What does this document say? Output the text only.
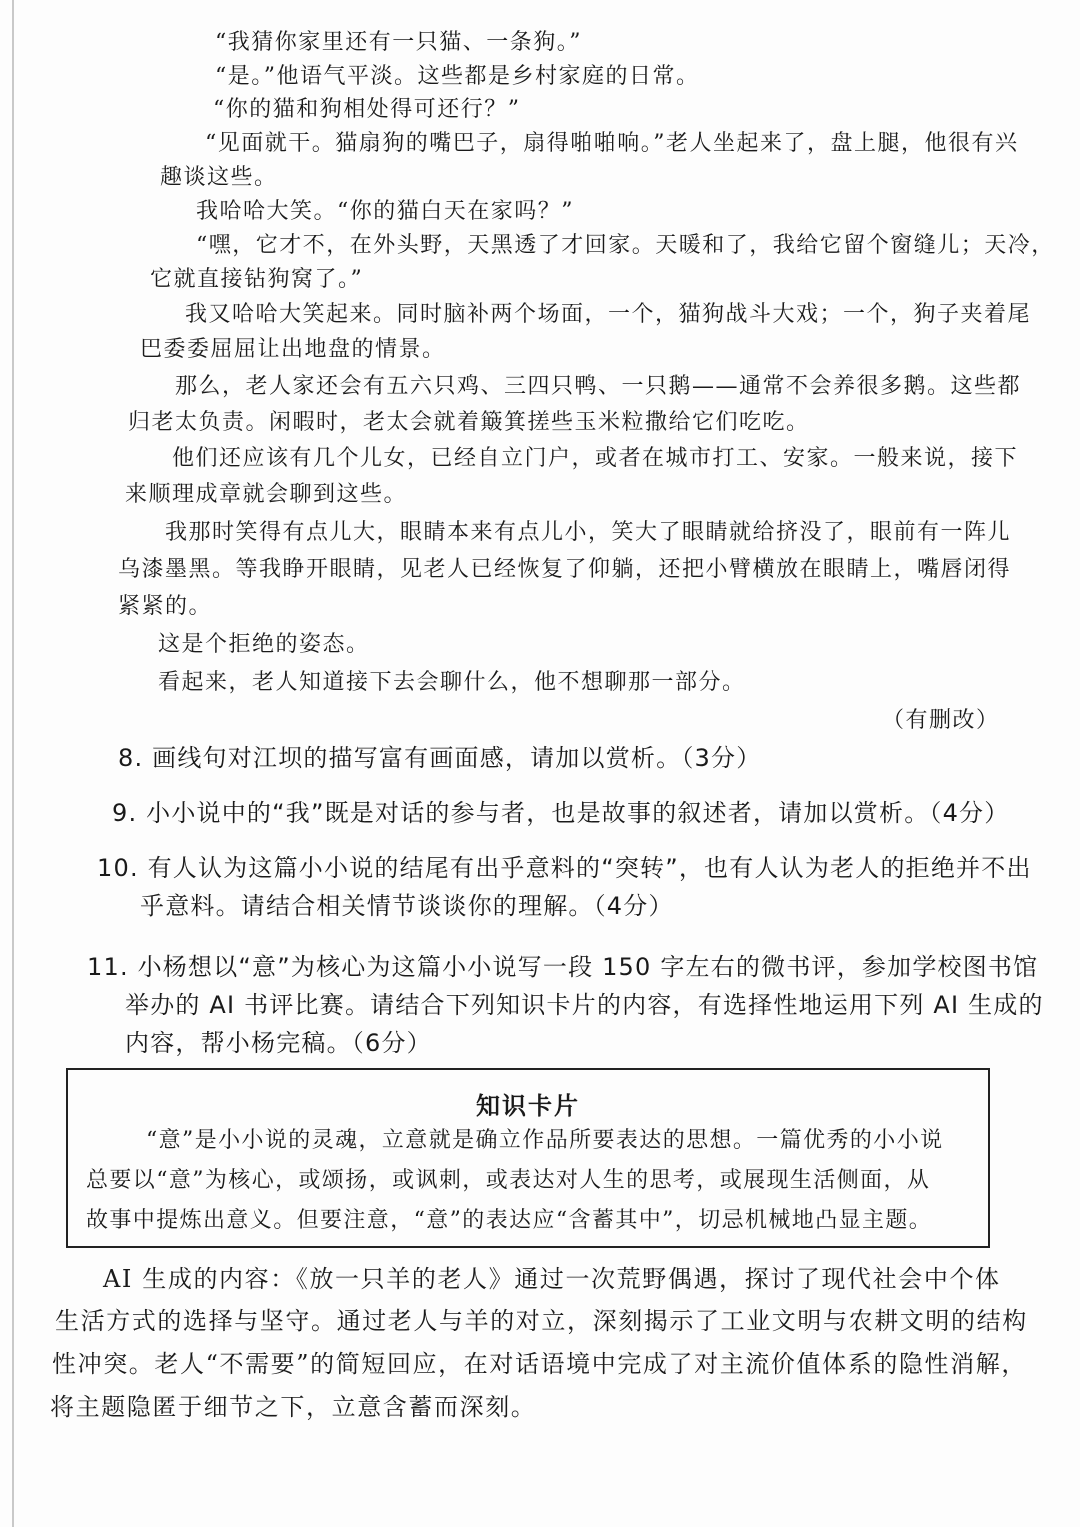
“我猜你家里还有一只猫、一条狗。”
“是。”他语气平淡。这些都是乡村家庭的日常。
“你的猫和狗相处得可还行？”
“见面就干。猫扇狗的嘴巴子，扇得啪啪响。”老人坐起来了，盘上腿，他很有兴
趣谈这些。
我哈哈大笑。“你的猫白天在家吗？”
“嘿，它才不，在外头野，天黑透了才回家。天暖和了，我给它留个窗缝儿；天冷，
它就直接钻狗窝了。”
我又哈哈大笑起来。同时脑补两个场面，一个，猫狗战斗大戏；一个，狗子夹着尾
巴委委屈屈让出地盘的情景。
那么，老人家还会有五六只鸡、三四只鸭、一只鹅——通常不会养很多鹅。这些都
归老太负责。闲暇时，老太会就着簸箕搓些玉米粒撒给它们吃吃。
他们还应该有几个儿女，已经自立门户，或者在城市打工、安家。一般来说，接下
来顺理成章就会聊到这些。
我那时笑得有点儿大，眼睛本来有点儿小，笑大了眼睛就给挤没了，眼前有一阵儿
乌漆墨黑。等我睁开眼睛，见老人已经恢复了仰躺，还把小臂横放在眼睛上，嘴唇闭得
紧紧的。
这是个拒绝的姿态。
看起来，老人知道接下去会聊什么，他不想聊那一部分。
（有删改）
8. 画线句对江坝的描写富有画面感，请加以赏析。（3分）
9. 小小说中的“我”既是对话的参与者，也是故事的叙述者，请加以赏析。（4分）
10. 有人认为这篇小小说的结尾有出乎意料的“突转”，也有人认为老人的拒绝并不出
乎意料。请结合相关情节谈谈你的理解。（4分）
11. 小杨想以“意”为核心为这篇小小说写一段 150 字左右的微书评，参加学校图书馆
举办的 AI 书评比赛。请结合下列知识卡片的内容，有选择性地运用下列 AI 生成的
内容，帮小杨完稿。（6分）
知识卡片
“意”是小小说的灵魂，立意就是确立作品所要表达的思想。一篇优秀的小小说
总要以“意”为核心，或颂扬，或讽刺，或表达对人生的思考，或展现生活侧面，从
故事中提炼出意义。但要注意，“意”的表达应“含蓄其中”，切忌机械地凸显主题。
AI 生成的内容：《放一只羊的老人》通过一次荒野偶遇，探讨了现代社会中个体
生活方式的选择与坚守。通过老人与羊的对立，深刻揭示了工业文明与农耕文明的结构
性冲突。老人“不需要”的简短回应，在对话语境中完成了对主流价值体系的隐性消解，
将主题隐匿于细节之下，立意含蓄而深刻。
